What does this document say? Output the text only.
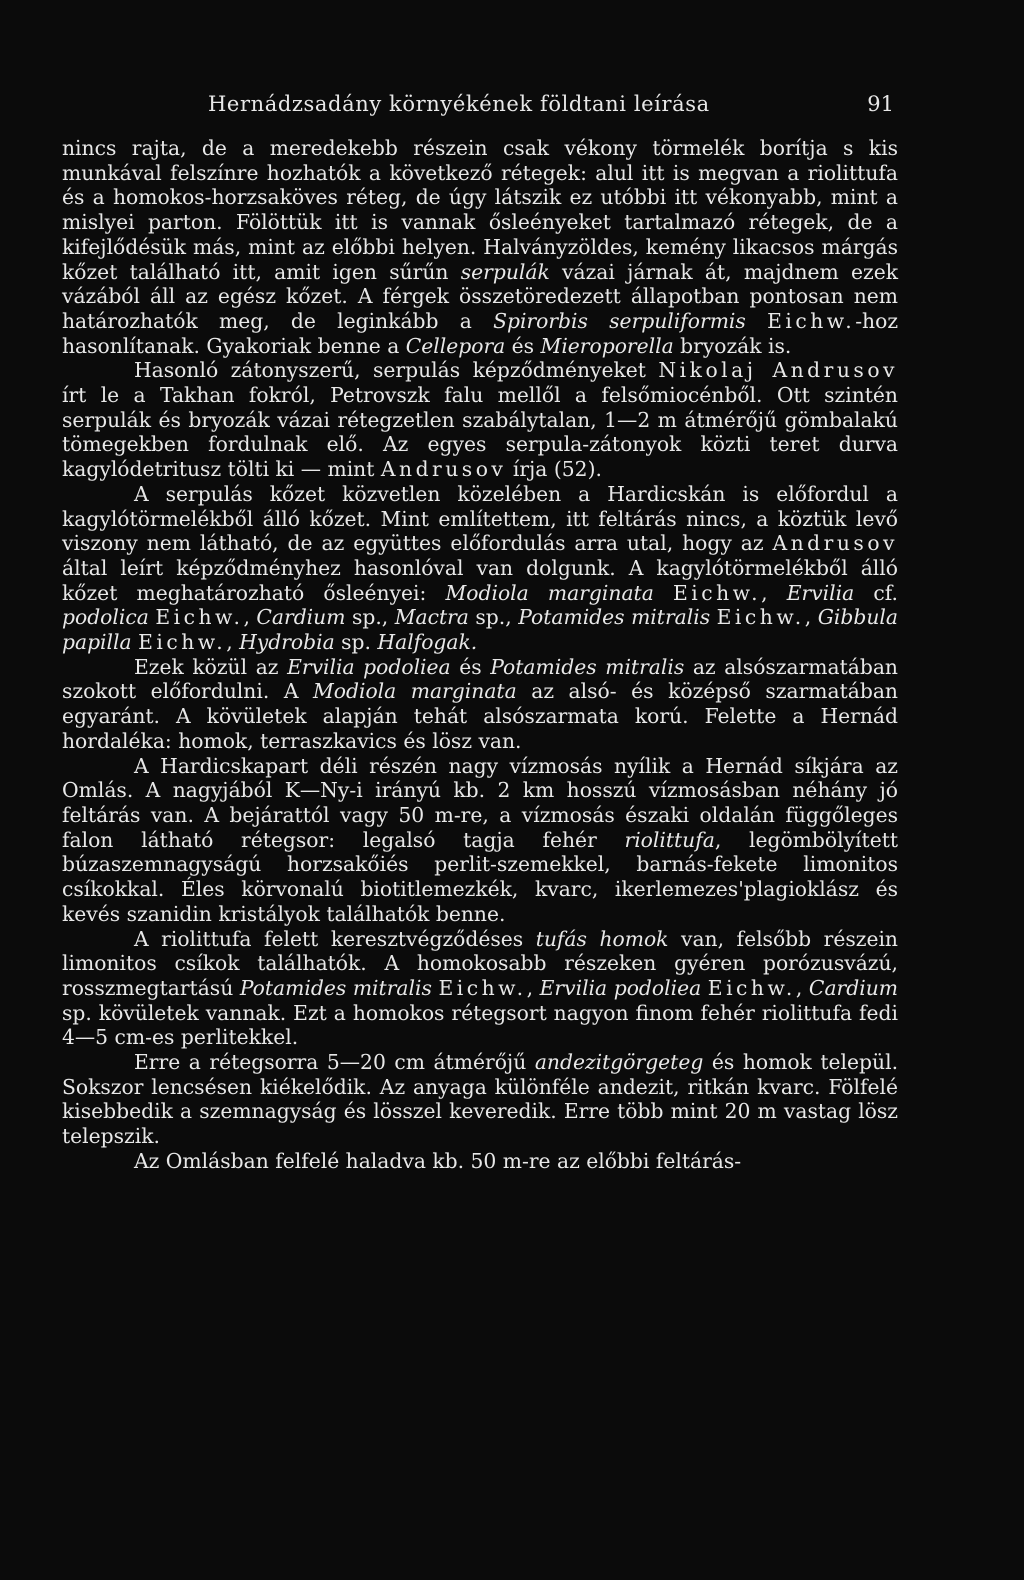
Hernádzsadány környékének földtani leírása	91

nincs rajta, de a meredekebb részein csak vékony törmelék borítja s kis munkával felszínre hozhatók a következő rétegek: alul itt is megvan a riolittufa és a homokos-horzsaköves réteg, de úgy látszik ez utóbbi itt vékonyabb, mint a mislyei parton. Fölöttük itt is vannak ősleényeket tartalmazó rétegek, de a kifejlődésük más, mint az előbbi helyen. Halványzöldes, kemény likacsos márgás kőzet található itt, amit igen sűrűn serpulák vázai járnak át, majdnem ezek vázából áll az egész kőzet. A férgek összetöredezett állapotban pontosan nem határozhatók meg, de leginkább a Spirorbis serpuliformis Eichw.-hoz hasonlítanak. Gyakoriak benne a Cellepora és Mieroporella bryozák is.

Hasonló zátonyszerű, serpulás képződményeket Nikolaj Andrusov írt le a Takhan fokról, Petrovszk falu mellől a felsőmiocénből. Ott szintén serpulák és bryozák vázai rétegzetlen szabálytalan, 1—2 m átmérőjű gömbalakú tömegekben fordulnak elő. Az egyes serpula-zátonyok közti teret durva kagylódetritusz tölti ki — mint Andrusov írja (52).

A serpulás kőzet közvetlen közelében a Hardicskán is előfordul a kagylótörmelékből álló kőzet. Mint említettem, itt feltárás nincs, a köztük levő viszony nem látható, de az együttes előfordulás arra utal, hogy az Andrusov által leírt képződményhez hasonlóval van dolgunk. A kagylótörmelékből álló kőzet meghatározható ősleényei: Modiola marginata Eichw., Ervilia cf. podolica Eichw., Cardium sp., Mactra sp., Potamides mitralis Eichw., Gibbula papilla Eichw., Hydrobia sp. Halfogak.

Ezek közül az Ervilia podoliea és Potamides mitralis az alsószarmatában szokott előfordulni. A Modiola marginata az alsó- és középső szarmatában egyaránt. A kövületek alapján tehát alsószarmata korú. Felette a Hernád hordaléka: homok, terraszkavics és lösz van.

A Hardicskapart déli részén nagy vízmosás nyílik a Hernád síkjára az Omlás. A nagyjából K—Ny-i irányú kb. 2 km hosszú vízmosásban néhány jó feltárás van. A bejárattól vagy 50 m-re, a vízmosás északi oldalán függőleges falon látható rétegsor: legalsó tagja fehér riolittufa, legömbölyített búzaszemnagyságú horzsakőiés perlit-szemekkel, barnás-fekete limonitos csíkokkal. Éles körvonalú biotitlemezkék, kvarc, ikerlemezes'plagioklász és kevés szanidin kristályok találhatók benne.

A riolittufa felett keresztvégződéses tufás homok van, felsőbb részein limonitos csíkok találhatók. A homokosabb részeken gyéren porózusvázú, rosszmegtartású Potamides mitralis Eichw., Ervilia podoliea Eichw., Cardium sp. kövületek vannak. Ezt a homokos rétegsort nagyon finom fehér riolittufa fedi 4—5 cm-es perlitekkel.

Erre a rétegsorra 5—20 cm átmérőjű andezitgörgeteg és homok települ. Sokszor lencsésen kiékelődik. Az anyaga különféle andezit, ritkán kvarc. Fölfelé kisebbedik a szemnagyság és lösszel keveredik. Erre több mint 20 m vastag lösz telepszik.

Az Omlásban felfelé haladva kb. 50 m-re az előbbi feltárás-
